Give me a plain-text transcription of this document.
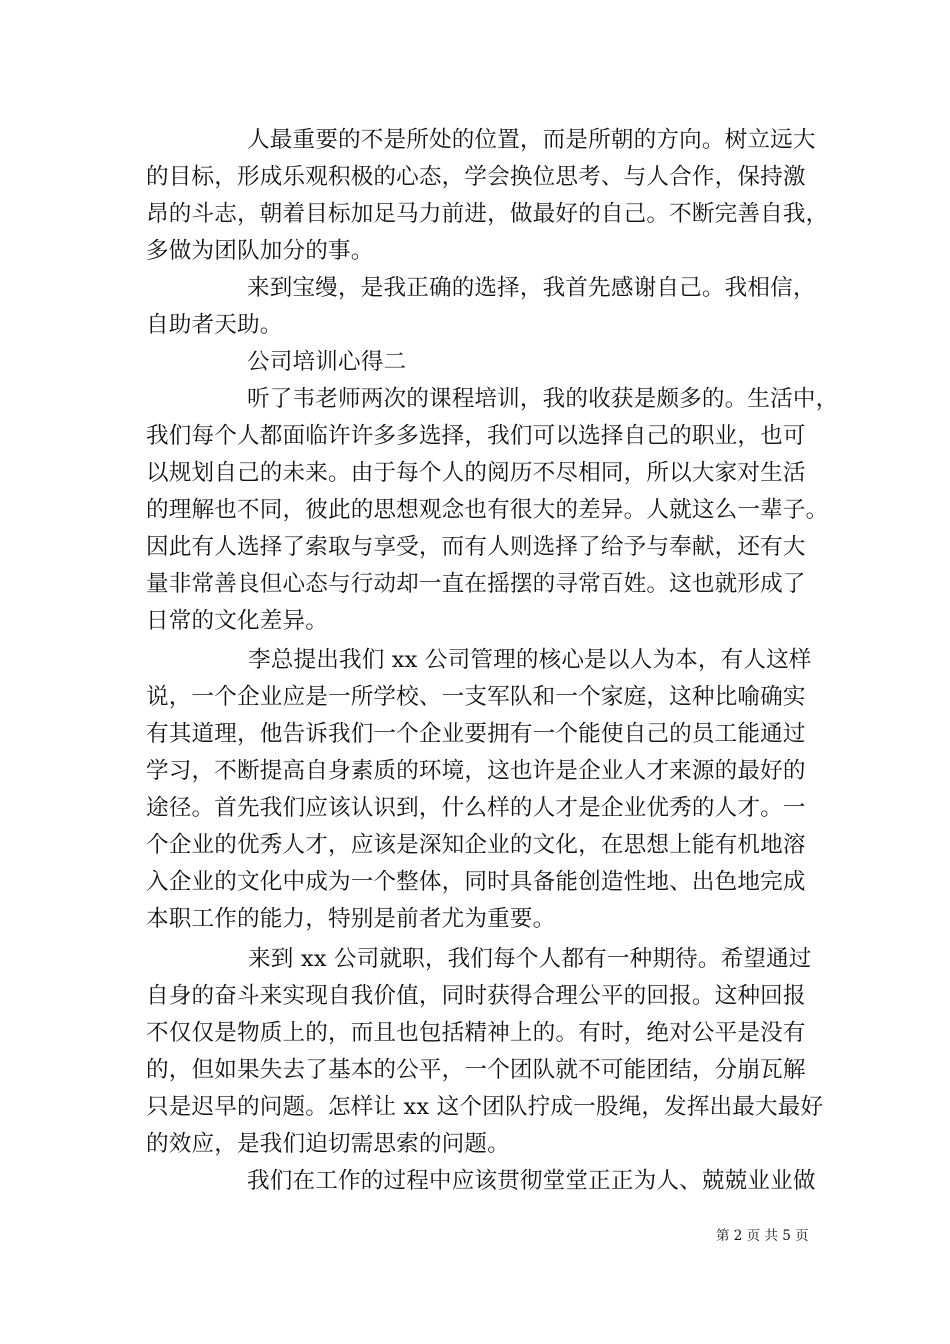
人最重要的不是所处的位置，而是所朝的方向。树立远大
的目标，形成乐观积极的心态，学会换位思考、与人合作，保持激
昂的斗志，朝着目标加足马力前进，做最好的自己。不断完善自我，
多做为团队加分的事。
来到宝缦，是我正确的选择，我首先感谢自己。我相信，
自助者天助。
公司培训心得二
听了韦老师两次的课程培训，我的收获是颇多的。生活中，
我们每个人都面临许许多多选择，我们可以选择自己的职业，也可
以规划自己的未来。由于每个人的阅历不尽相同，所以大家对生活
的理解也不同，彼此的思想观念也有很大的差异。人就这么一辈子。
因此有人选择了索取与享受，而有人则选择了给予与奉献，还有大
量非常善良但心态与行动却一直在摇摆的寻常百姓。这也就形成了
日常的文化差异。
李总提出我们 xx 公司管理的核心是以人为本，有人这样
说，一个企业应是一所学校、一支军队和一个家庭，这种比喻确实
有其道理，他告诉我们一个企业要拥有一个能使自己的员工能通过
学习，不断提高自身素质的环境，这也许是企业人才来源的最好的
途径。首先我们应该认识到，什么样的人才是企业优秀的人才。一
个企业的优秀人才，应该是深知企业的文化，在思想上能有机地溶
入企业的文化中成为一个整体，同时具备能创造性地、出色地完成
本职工作的能力，特别是前者尤为重要。
来到 xx 公司就职，我们每个人都有一种期待。希望通过
自身的奋斗来实现自我价值，同时获得合理公平的回报。这种回报
不仅仅是物质上的，而且也包括精神上的。有时，绝对公平是没有
的，但如果失去了基本的公平，一个团队就不可能团结，分崩瓦解
只是迟早的问题。怎样让 xx 这个团队拧成一股绳，发挥出最大最好
的效应，是我们迫切需思索的问题。
我们在工作的过程中应该贯彻堂堂正正为人、兢兢业业做
第 2 页 共 5 页
